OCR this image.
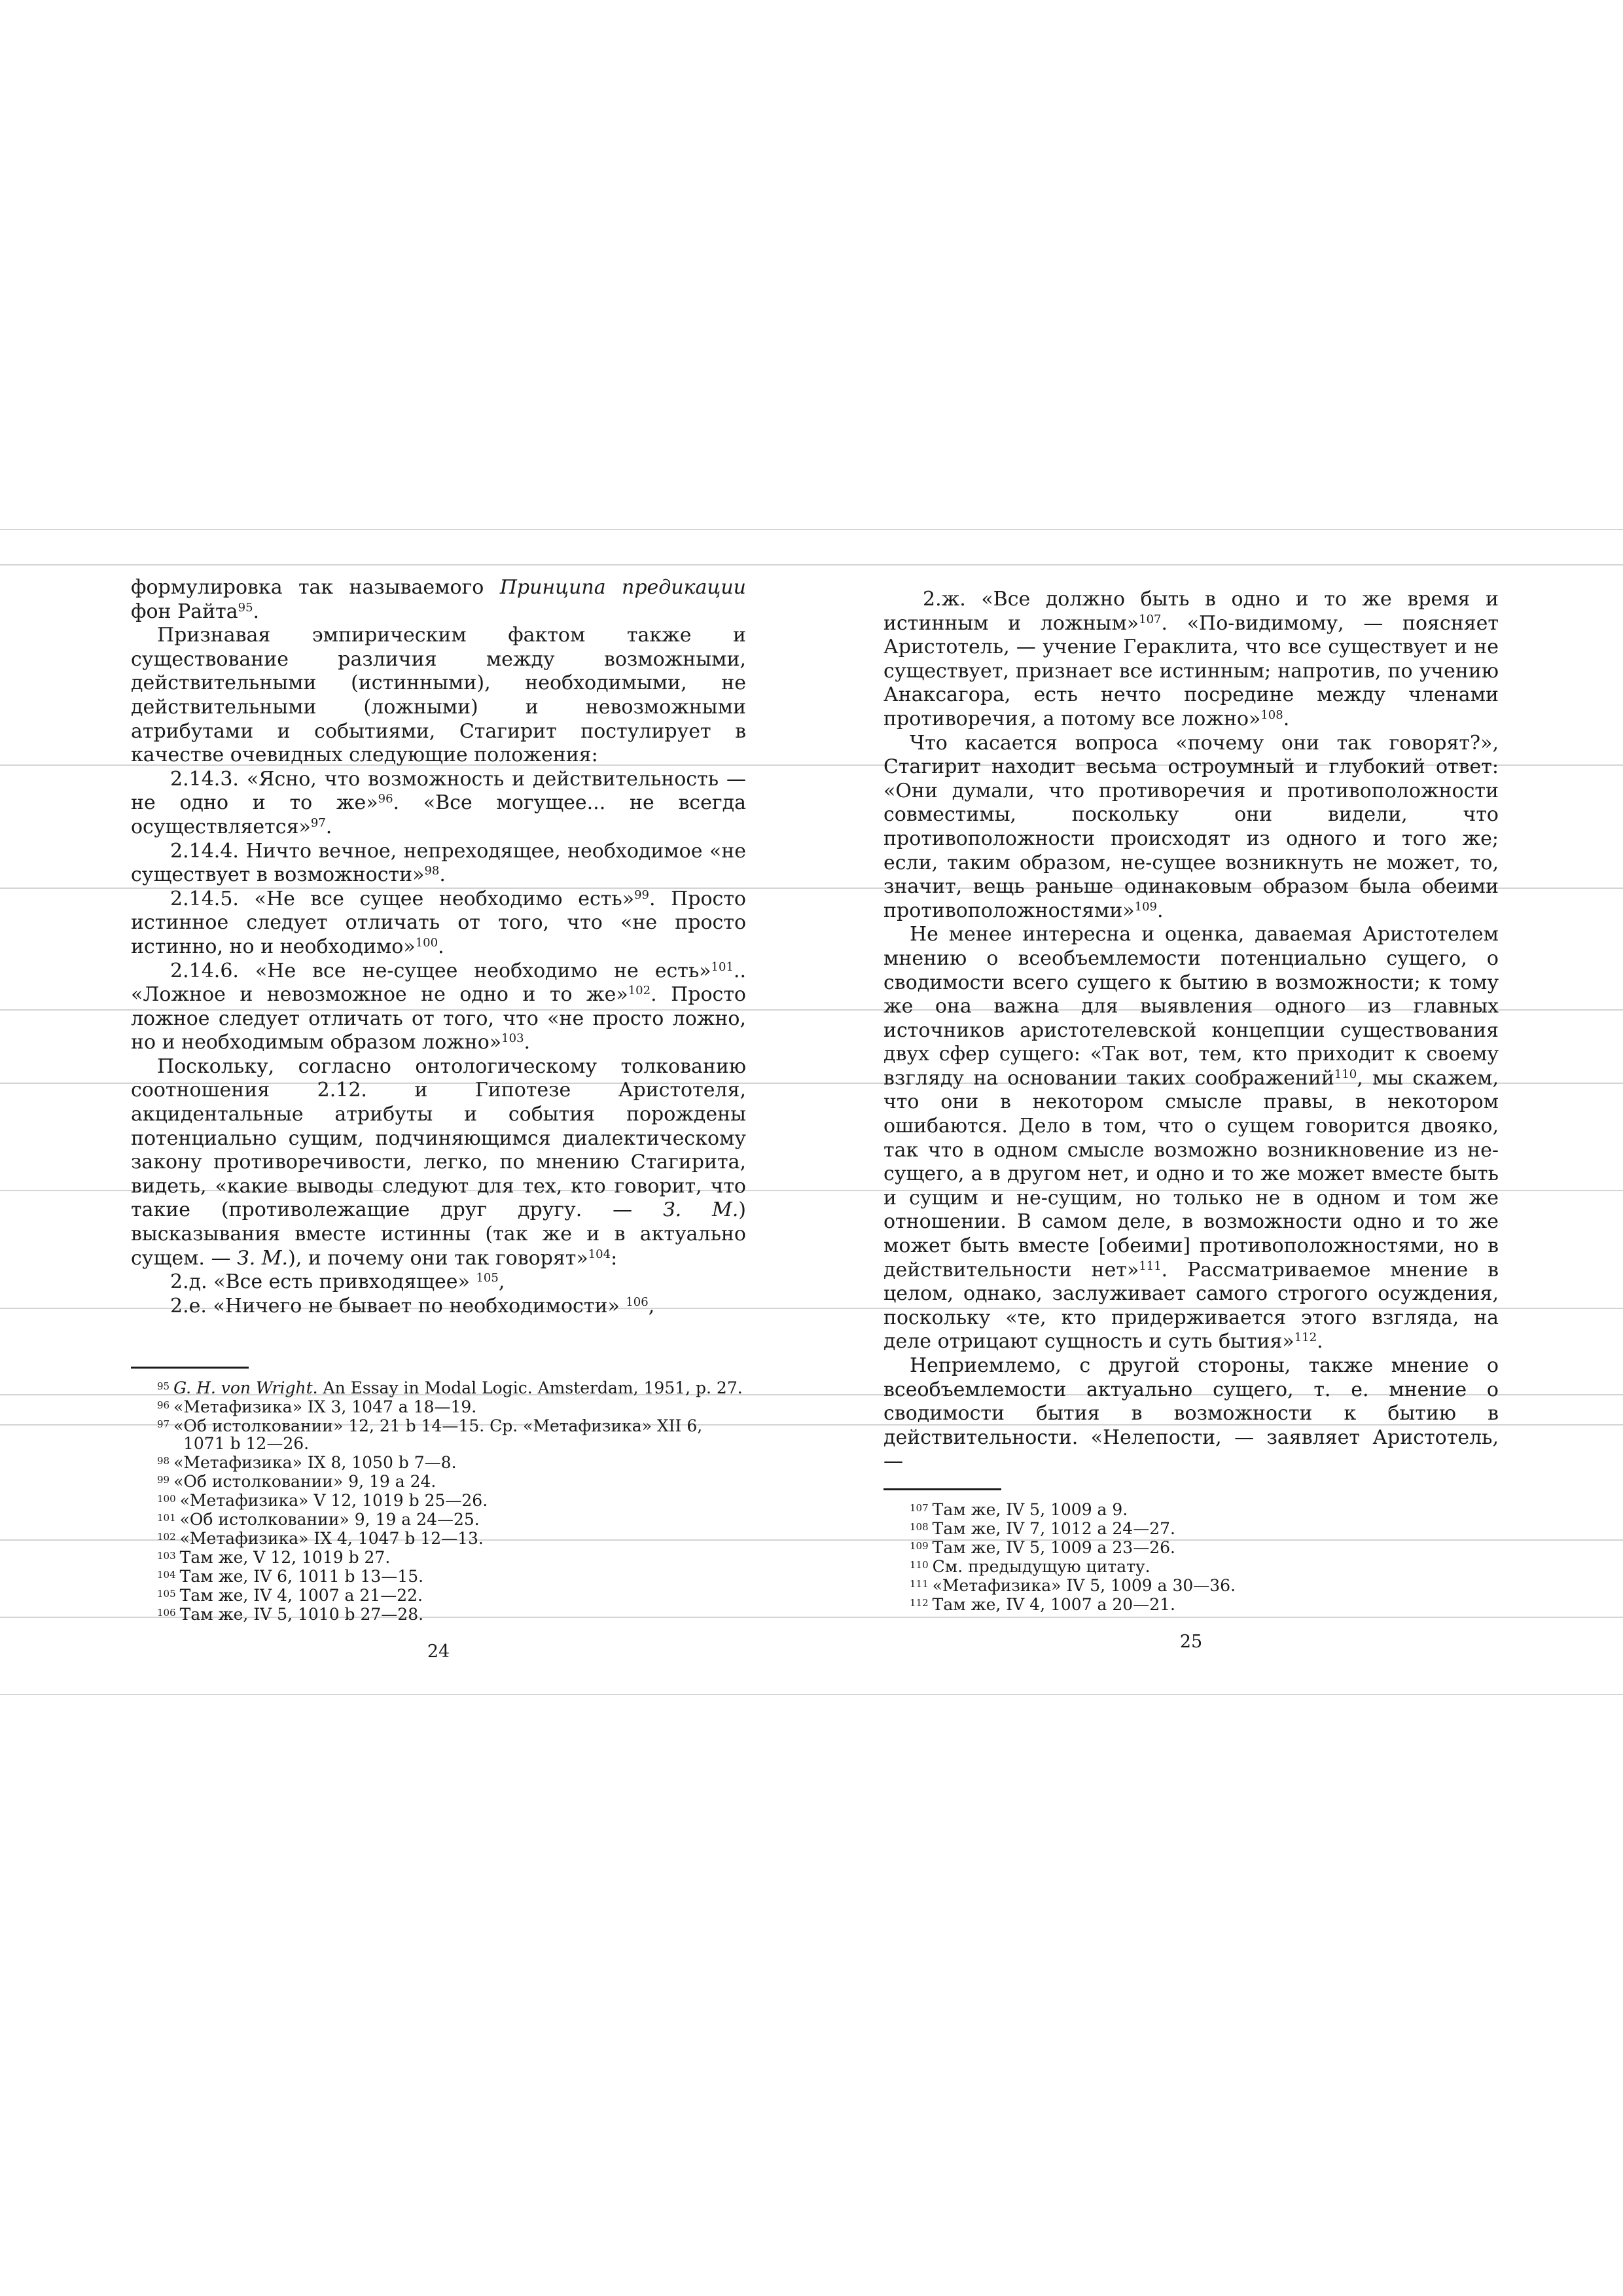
формулировка так называемого Принципа предикации фон Райта$^{95}$.

Признавая эмпирическим фактом также и существование различия между возможными, действительными (истинными), необходимыми, не действительными (ложными) и невозможными атрибутами и событиями, Стагирит постулирует в качестве очевидных следующие положения:

2.14.3. «Ясно, что возможность и действительность — не одно и то же»$^{96}$. «Все могущее... не всегда осуществляется»$^{97}$.

2.14.4. Ничто вечное, непреходящее, необходимое «не существует в возможности»$^{98}$.

2.14.5. «Не все сущее необходимо есть»$^{99}$. Просто истинное следует отличать от того, что «не просто истинно, но и необходимо»$^{100}$.

2.14.6. «Не все не-сущее необходимо не есть»$^{101}$.. «Ложное и невозможное не одно и то же»$^{102}$. Просто ложное следует отличать от того, что «не просто ложно, но и необходимым образом ложно»$^{103}$.

Поскольку, согласно онтологическому толкованию соотношения 2.12. и Гипотезе Аристотеля, акцидентальные атрибуты и события порождены потенциально сущим, подчиняющимся диалектическому закону противоречивости, легко, по мнению Стагирита, видеть, «какие выводы следуют для тех, кто говорит, что такие (противолежащие друг другу. — З. М.) высказывания вместе истинны (так же и в актуально сущем. — З. М.), и почему они так говорят»$^{104}$:

2.д. «Все есть привходящее» $^{105}$,

2.е. «Ничего не бывает по необходимости» $^{106}$,

$^{95}$ G. H. von Wright. An Essay in Modal Logic. Amsterdam, 1951, p. 27.
$^{96}$ «Метафизика» IX 3, 1047 a 18—19.
$^{97}$ «Об истолковании» 12, 21 b 14—15. Ср. «Метафизика» XII 6, 1071 b 12—26.
$^{98}$ «Метафизика» IX 8, 1050 b 7—8.
$^{99}$ «Об истолковании» 9, 19 a 24.
$^{100}$ «Метафизика» V 12, 1019 b 25—26.
$^{101}$ «Об истолковании» 9, 19 a 24—25.
$^{102}$ «Метафизика» IX 4, 1047 b 12—13.
$^{103}$ Там же, V 12, 1019 b 27.
$^{104}$ Там же, IV 6, 1011 b 13—15.
$^{105}$ Там же, IV 4, 1007 a 21—22.
$^{106}$ Там же, IV 5, 1010 b 27—28.
24

2.ж. «Все должно быть в одно и то же время и истинным и ложным»$^{107}$. «По-видимому, — поясняет Аристотель, — учение Гераклита, что все существует и не существует, признает все истинным; напротив, по учению Анаксагора, есть нечто посредине между членами противоречия, а потому все ложно»$^{108}$.

Что касается вопроса «почему они так говорят?», Стагирит находит весьма остроумный и глубокий ответ: «Они думали, что противоречия и противоположности совместимы, поскольку они видели, что противоположности происходят из одного и того же; если, таким образом, не-сущее возникнуть не может, то, значит, вещь раньше одинаковым образом была обеими противоположностями»$^{109}$.

Не менее интересна и оценка, даваемая Аристотелем мнению о всеобъемлемости потенциально сущего, о сводимости всего сущего к бытию в возможности; к тому же она важна для выявления одного из главных источников аристотелевской концепции существования двух сфер сущего: «Так вот, тем, кто приходит к своему взгляду на основании таких соображений$^{110}$, мы скажем, что они в некотором смысле правы, в некотором ошибаются. Дело в том, что о сущем говорится двояко, так что в одном смысле возможно возникновение из не-сущего, а в другом нет, и одно и то же может вместе быть и сущим и не-сущим, но только не в одном и том же отношении. В самом деле, в возможности одно и то же может быть вместе [обеими] противоположностями, но в действительности нет»$^{111}$. Рассматриваемое мнение в целом, однако, заслуживает самого строгого осуждения, поскольку «те, кто придерживается этого взгляда, на деле отрицают сущность и суть бытия»$^{112}$.

Неприемлемо, с другой стороны, также мнение о всеобъемлемости актуально сущего, т. е. мнение о сводимости бытия в возможности к бытию в действительности. «Нелепости, — заявляет Аристотель, —

$^{107}$ Там же, IV 5, 1009 a 9.
$^{108}$ Там же, IV 7, 1012 a 24—27.
$^{109}$ Там же, IV 5, 1009 a 23—26.
$^{110}$ См. предыдущую цитату.
$^{111}$ «Метафизика» IV 5, 1009 a 30—36.
$^{112}$ Там же, IV 4, 1007 a 20—21.
25
